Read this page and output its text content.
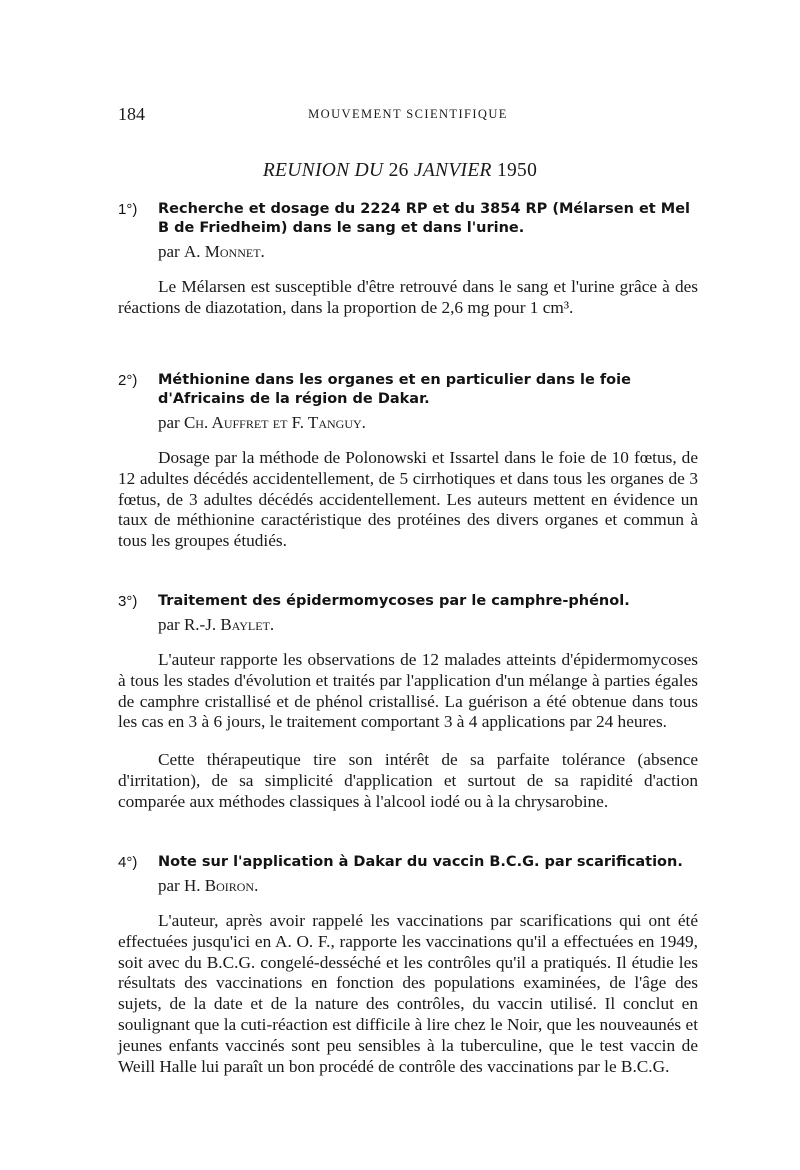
184	MOUVEMENT SCIENTIFIQUE
REUNION DU 26 JANVIER 1950
1°) Recherche et dosage du 2224 RP et du 3854 RP (Mélarsen et Mel B de Friedheim) dans le sang et dans l'urine.
par A. Monnet.

Le Mélarsen est susceptible d'être retrouvé dans le sang et l'urine grâce à des réactions de diazotation, dans la proportion de 2,6 mg pour 1 cm³.

2°) Méthionine dans les organes et en particulier dans le foie d'Africains de la région de Dakar.
par Ch. Auffret et F. Tanguy.

Dosage par la méthode de Polonowski et Issartel dans le foie de 10 fœtus, de 12 adultes décédés accidentellement, de 5 cirrhotiques et dans tous les organes de 3 fœtus, de 3 adultes décédés accidentellement. Les auteurs mettent en évidence un taux de méthionine caractéristique des protéines des divers organes et commun à tous les groupes étudiés.

3°) Traitement des épidermomycoses par le camphre-phénol.
par R.-J. Baylet.

L'auteur rapporte les observations de 12 malades atteints d'épidermomycoses à tous les stades d'évolution et traités par l'application d'un mélange à parties égales de camphre cristallisé et de phénol cristallisé. La guérison a été obtenue dans tous les cas en 3 à 6 jours, le traitement comportant 3 à 4 applications par 24 heures.

Cette thérapeutique tire son intérêt de sa parfaite tolérance (absence d'irritation), de sa simplicité d'application et surtout de sa rapidité d'action comparée aux méthodes classiques à l'alcool iodé ou à la chrysarobine.

4°) Note sur l'application à Dakar du vaccin B.C.G. par scarification.
par H. Boiron.

L'auteur, après avoir rappelé les vaccinations par scarifications qui ont été effectuées jusqu'ici en A. O. F., rapporte les vaccinations qu'il a effectuées en 1949, soit avec du B.C.G. congelé-desséché et les contrôles qu'il a pratiqués. Il étudie les résultats des vaccinations en fonction des populations examinées, de l'âge des sujets, de la date et de la nature des contrôles, du vaccin utilisé. Il conclut en soulignant que la cuti-réaction est difficile à lire chez le Noir, que les nouveaunés et jeunes enfants vaccinés sont peu sensibles à la tuberculine, que le test vaccin de Weill Halle lui paraît un bon procédé de contrôle des vaccinations par le B.C.G.
